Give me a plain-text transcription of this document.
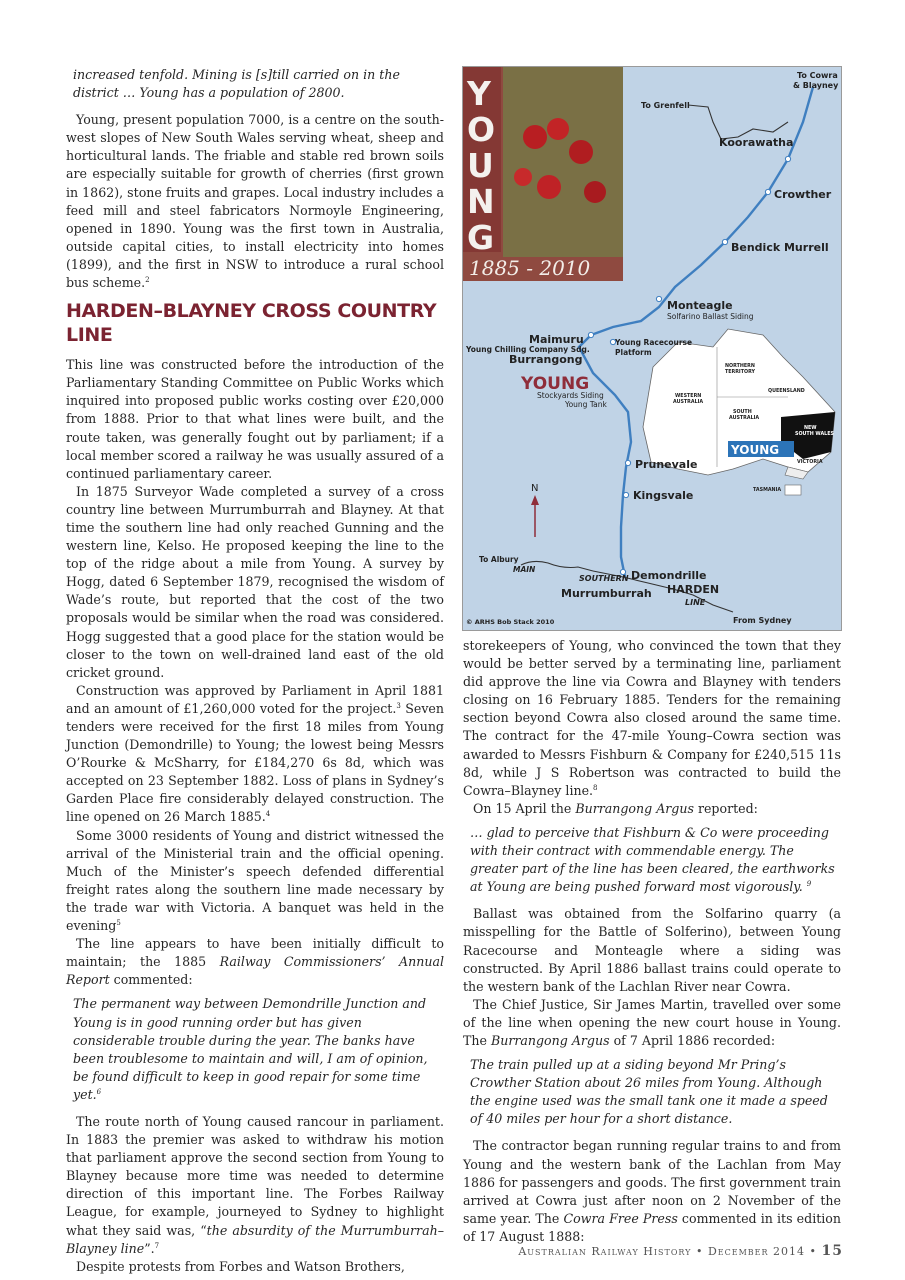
increased tenfold. Mining is [s]till carried on in the district … Young has a population of 2800.

Young, present population 7000, is a centre on the south-west slopes of New South Wales serving wheat, sheep and horticultural lands. The friable and stable red brown soils are especially suitable for growth of cherries (first grown in 1862), stone fruits and grapes. Local industry includes a feed mill and steel fabricators Normoyle Engineering, opened in 1890. Young was the first town in Australia, outside capital cities, to install electricity into homes (1899), and the first in NSW to introduce a rural school bus scheme.$^2$

HARDEN–BLAYNEY CROSS COUNTRY LINE

This line was constructed before the introduction of the Parliamentary Standing Committee on Public Works which inquired into proposed public works costing over £20,000 from 1888. Prior to that what lines were built, and the route taken, was generally fought out by parliament; if a local member scored a railway he was usually assured of a continued parliamentary career.

In 1875 Surveyor Wade completed a survey of a cross country line between Murrumburrah and Blayney. At that time the southern line had only reached Gunning and the western line, Kelso. He proposed keeping the line to the top of the ridge about a mile from Young. A survey by Hogg, dated 6 September 1879, recognised the wisdom of Wade’s route, but reported that the cost of the two proposals would be similar when the road was considered. Hogg suggested that a good place for the station would be closer to the town on well-drained land east of the old cricket ground.

Construction was approved by Parliament in April 1881 and an amount of £1,260,000 voted for the project.$^3$ Seven tenders were received for the first 18 miles from Young Junction (Demondrille) to Young; the lowest being Messrs O’Rourke & McSharry, for £184,270 6s 8d, which was accepted on 23 September 1882. Loss of plans in Sydney’s Garden Place fire considerably delayed construction. The line opened on 26 March 1885.$^4$

Some 3000 residents of Young and district witnessed the arrival of the Ministerial train and the official opening. Much of the Minister’s speech defended differential freight rates along the southern line made necessary by the trade war with Victoria. A banquet was held in the evening$^5$

The line appears to have been initially difficult to maintain; the 1885 Railway Commissioners’ Annual Report commented:

The permanent way between Demondrille Junction and Young is in good running order but has given considerable trouble during the year. The banks have been troublesome to maintain and will, I am of opinion, be found difficult to keep in good repair for some time yet.$^6$

The route north of Young caused rancour in parliament. In 1883 the premier was asked to withdraw his motion that parliament approve the second section from Young to Blayney because more time was needed to determine direction of this important line. The Forbes Railway League, for example, journeyed to Sydney to highlight what they said was, “the absurdity of the Murrumburrah–Blayney line”.$^7$

Despite protests from Forbes and Watson Brothers,

Y
O
U
N
G
1885 - 2010
To Cowra
& Blayney
To Grenfell
Koorawatha
Crowther
Bendick Murrell
Monteagle
Solfarino Ballast Siding
Maimuru
Young Chilling Company Sdg.
Burrangong
Young Racecourse
Platform
YOUNG
Stockyards Siding
Young Tank
Prunevale
Kingsvale
N
To Albury
MAIN
SOUTHERN Demondrille
Murrumburrah HARDEN
LINE
From Sydney
© ARHS Bob Stack 2010
NORTHERN
TERRITORY
QUEENSLAND
WESTERN
AUSTRALIA
SOUTH
AUSTRALIA
NEW
SOUTH WALES
VICTORIA
TASMANIA
YOUNG

storekeepers of Young, who convinced the town that they would be better served by a terminating line, parliament did approve the line via Cowra and Blayney with tenders closing on 16 February 1885. Tenders for the remaining section beyond Cowra also closed around the same time. The contract for the 47-mile Young–Cowra section was awarded to Messrs Fishburn & Company for £240,515 11s 8d, while J S Robertson was contracted to build the Cowra–Blayney line.$^8$

On 15 April the Burrangong Argus reported:

… glad to perceive that Fishburn & Co were proceeding with their contract with commendable energy. The greater part of the line has been cleared, the earthworks at Young are being pushed forward most vigorously. $^9$

Ballast was obtained from the Solfarino quarry (a misspelling for the Battle of Solferino), between Young Racecourse and Monteagle where a siding was constructed. By April 1886 ballast trains could operate to the western bank of the Lachlan River near Cowra.

The Chief Justice, Sir James Martin, travelled over some of the line when opening the new court house in Young. The Burrangong Argus of 7 April 1886 recorded:

The train pulled up at a siding beyond Mr Pring’s Crowther Station about 26 miles from Young. Although the engine used was the small tank one it made a speed of 40 miles per hour for a short distance.

The contractor began running regular trains to and from Young and the western bank of the Lachlan from May 1886 for passengers and goods. The first government train arrived at Cowra just after noon on 2 November of the same year. The Cowra Free Press commented in its edition of 17 August 1888:

Australian Railway History • December 2014 • 15
